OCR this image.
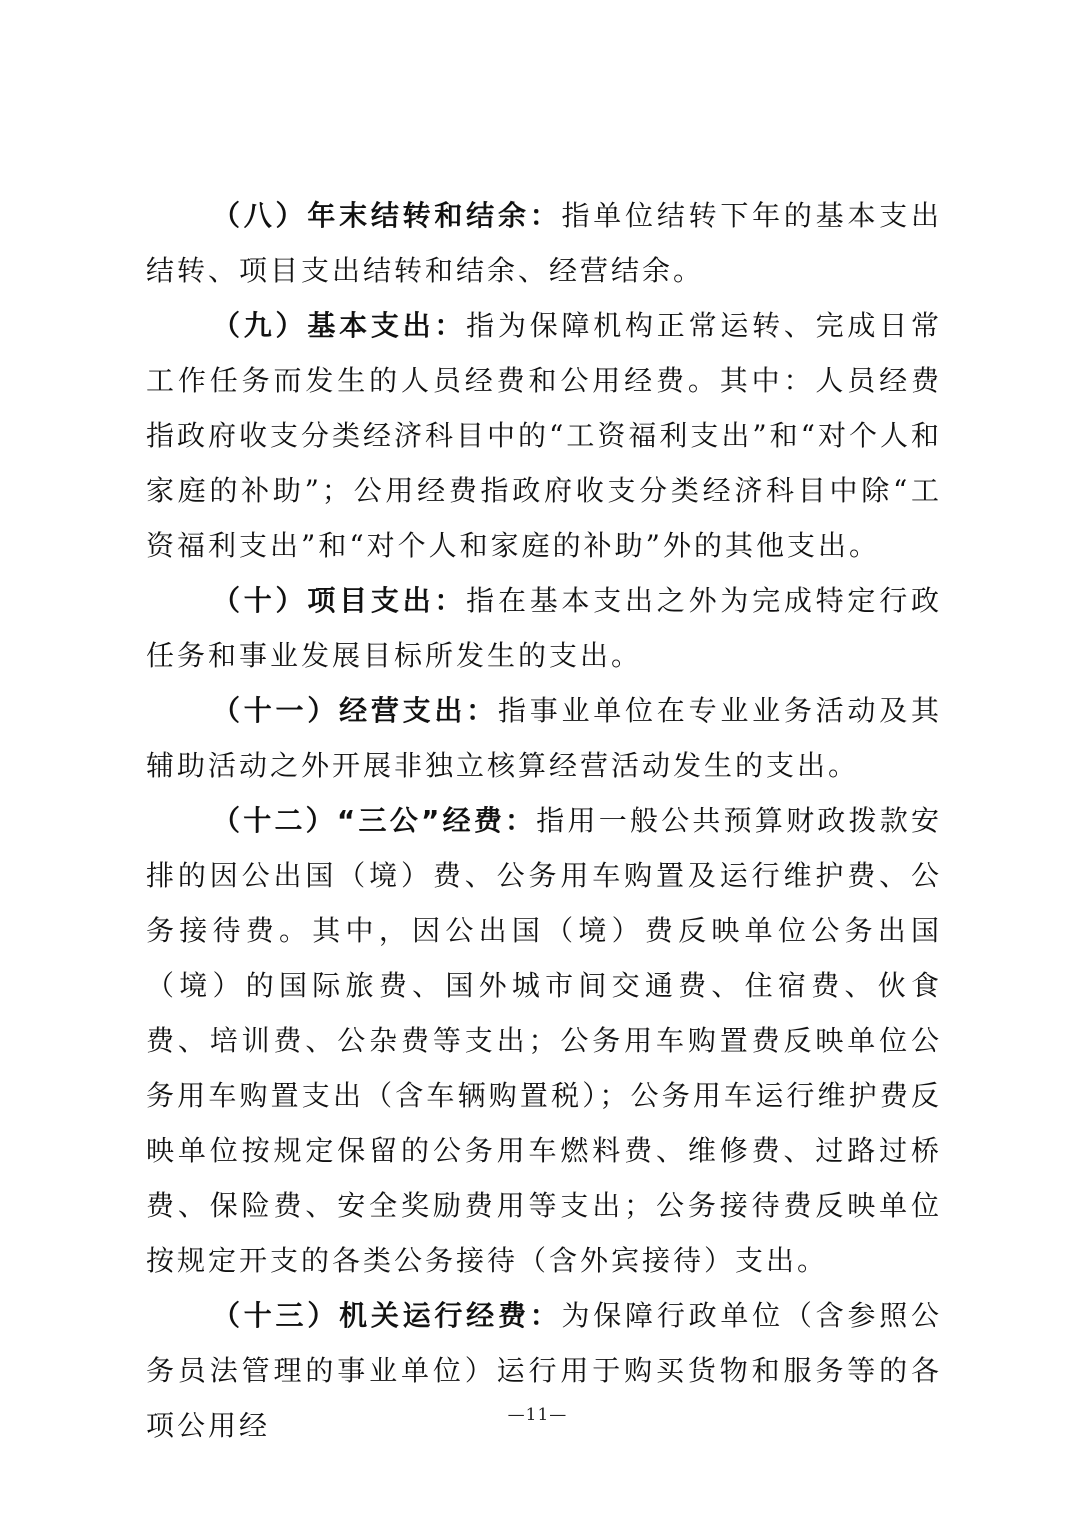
（八）年末结转和结余：指单位结转下年的基本支出结转、项目支出结转和结余、经营结余。

（九）基本支出：指为保障机构正常运转、完成日常工作任务而发生的人员经费和公用经费。其中：人员经费指政府收支分类经济科目中的“工资福利支出”和“对个人和家庭的补助”；公用经费指政府收支分类经济科目中除“工资福利支出”和“对个人和家庭的补助”外的其他支出。

（十）项目支出：指在基本支出之外为完成特定行政任务和事业发展目标所发生的支出。

（十一）经营支出：指事业单位在专业业务活动及其辅助活动之外开展非独立核算经营活动发生的支出。

（十二）“三公”经费：指用一般公共预算财政拨款安排的因公出国（境）费、公务用车购置及运行维护费、公务接待费。其中，因公出国（境）费反映单位公务出国（境）的国际旅费、国外城市间交通费、住宿费、伙食费、培训费、公杂费等支出；公务用车购置费反映单位公务用车购置支出（含车辆购置税）；公务用车运行维护费反映单位按规定保留的公务用车燃料费、维修费、过路过桥费、保险费、安全奖励费用等支出；公务接待费反映单位按规定开支的各类公务接待（含外宾接待）支出。

（十三）机关运行经费：为保障行政单位（含参照公务员法管理的事业单位）运行用于购买货物和服务等的各项公用经	—11—
